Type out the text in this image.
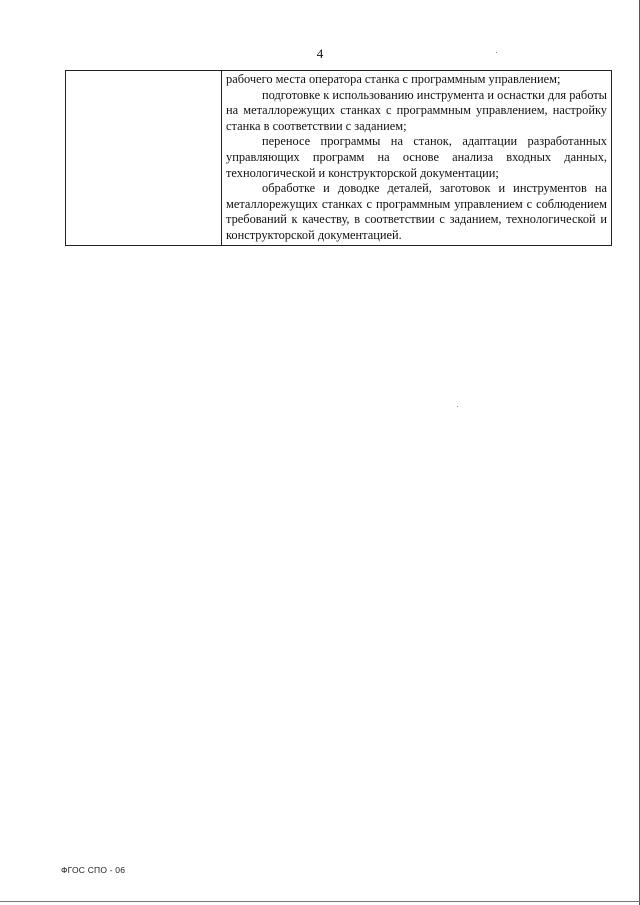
4

рабочего места оператора станка с программным управлением;

подготовке к использованию инструмента и оснастки для работы на металлорежущих станках с программным управлением, настройку станка в соответствии с заданием;

переносе программы на станок, адаптации разработанных управляющих программ на основе анализа входных данных, технологической и конструкторской документации;

обработке и доводке деталей, заготовок и инструментов на металлорежущих станках с программным управлением с соблюдением требований к качеству, в соответствии с заданием, технологической и конструкторской документацией.

ФГОС СПО - 06
